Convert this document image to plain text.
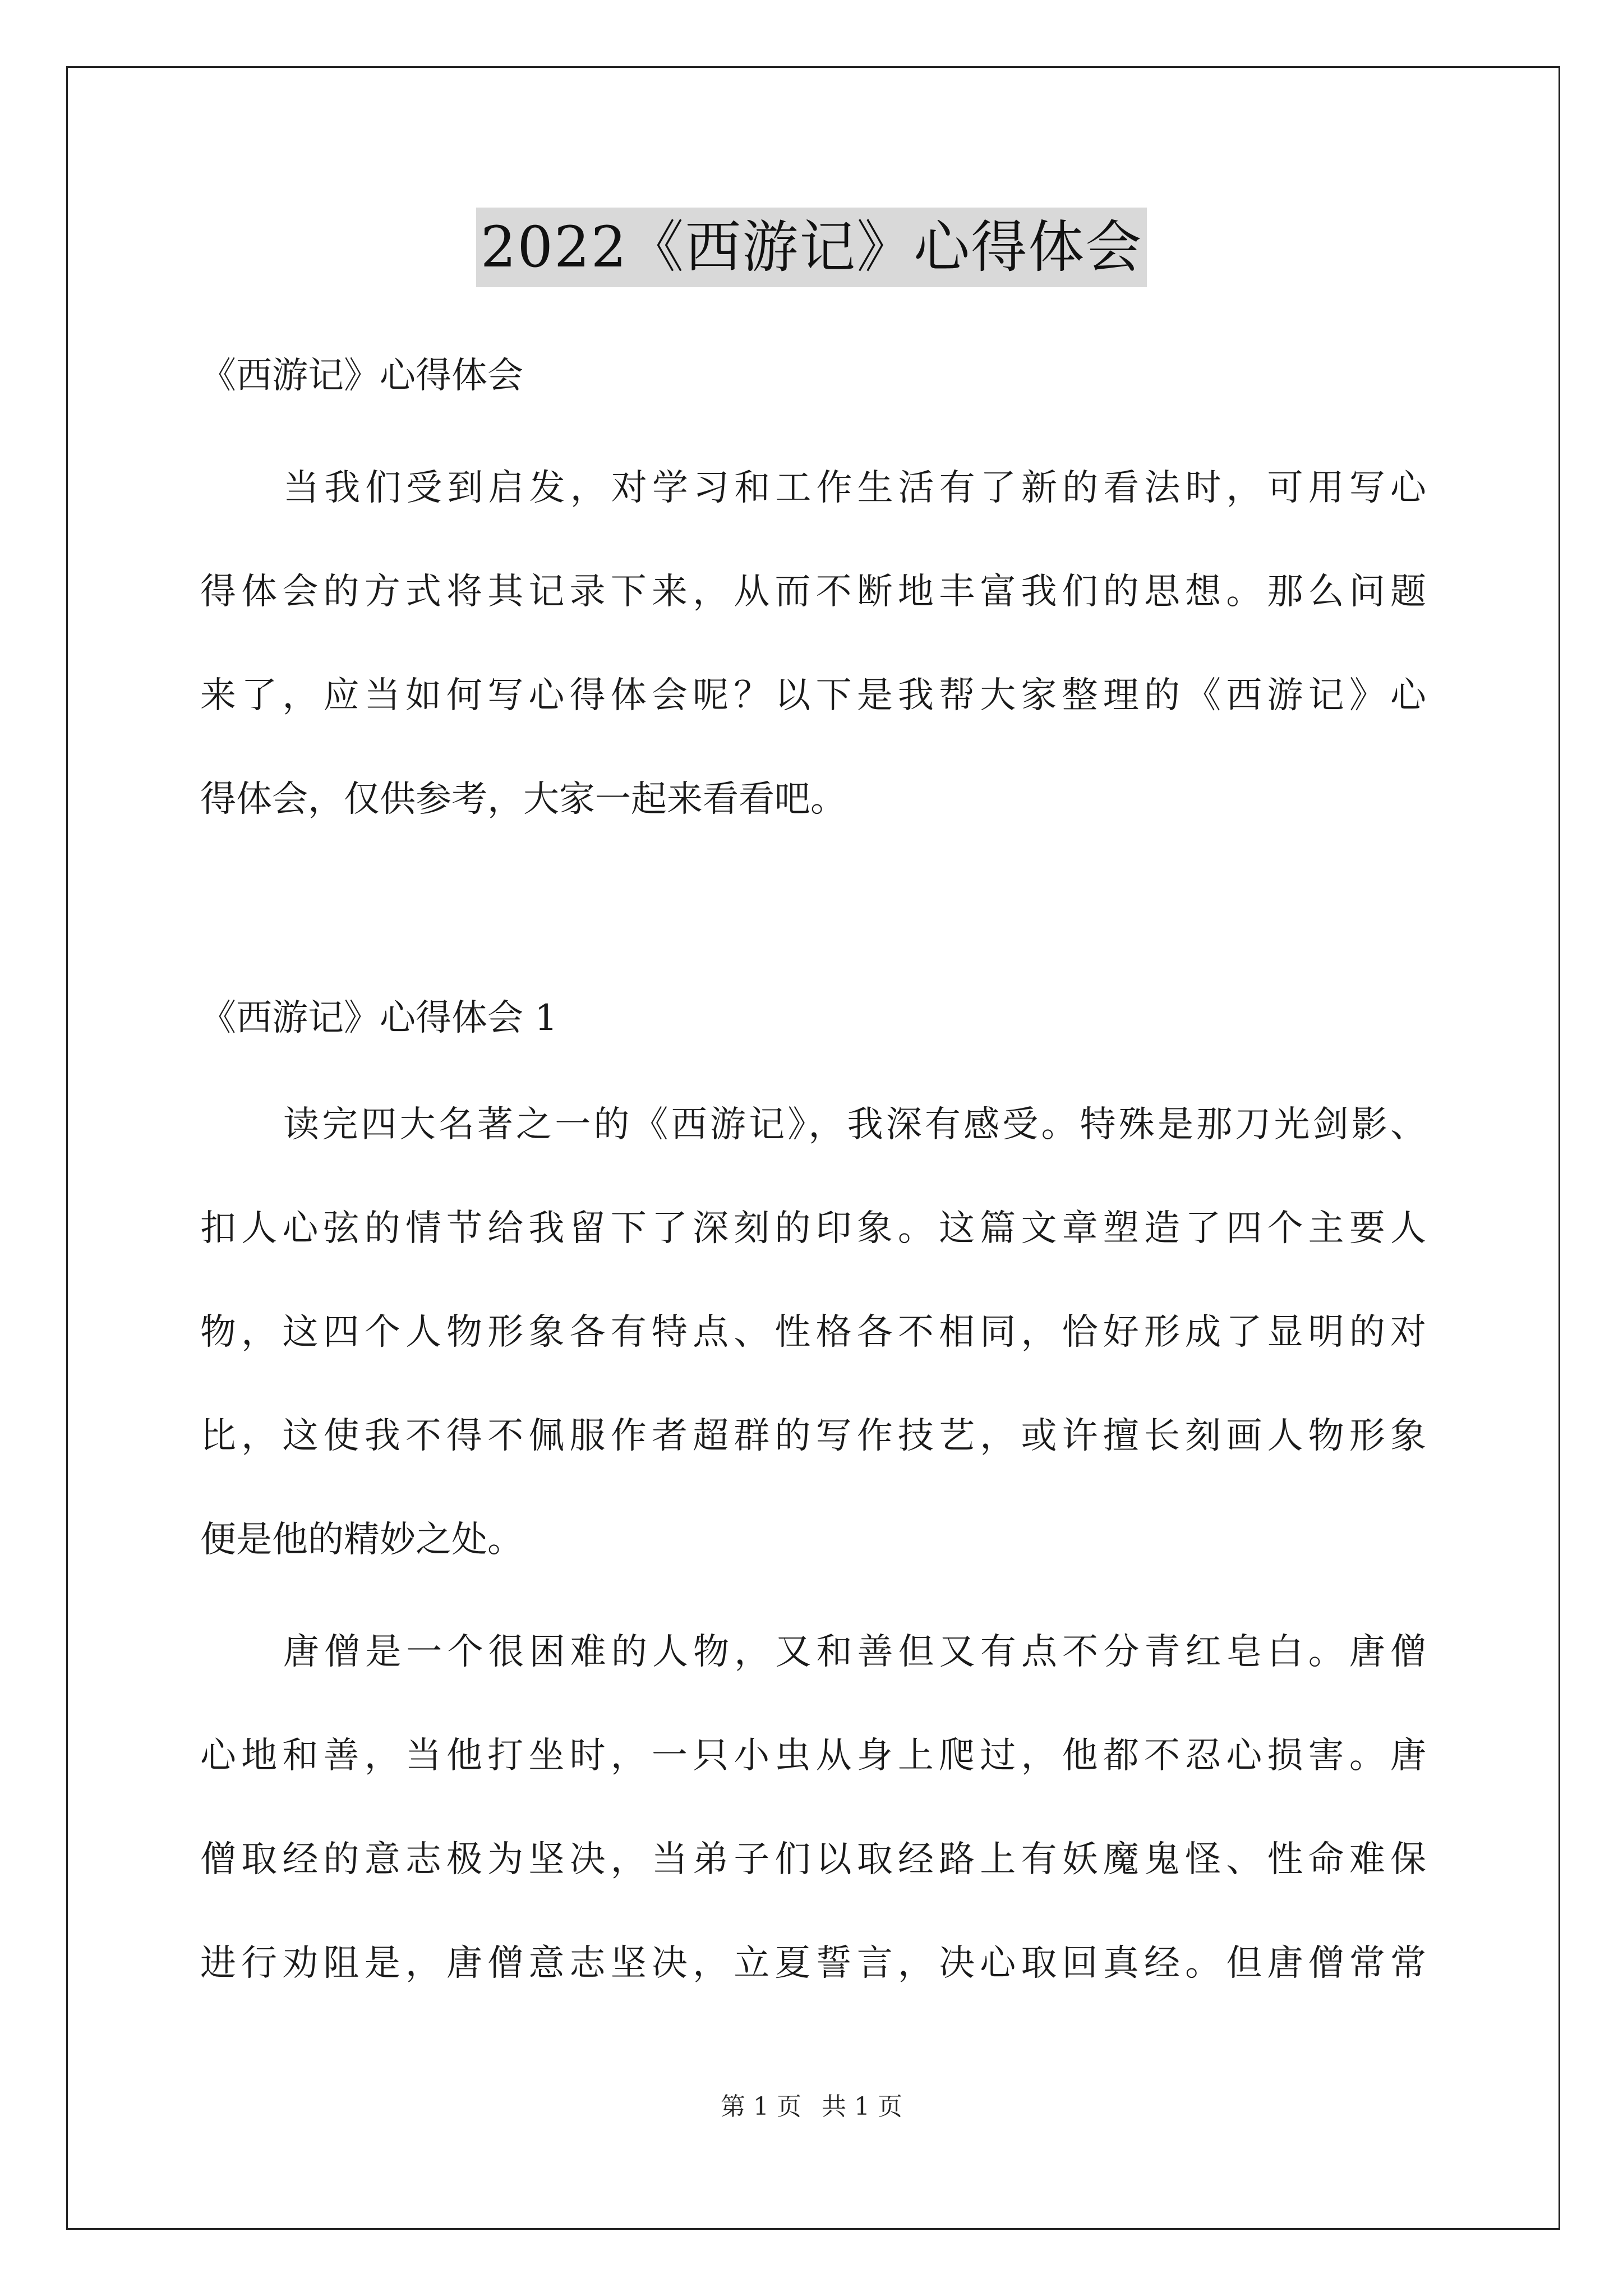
2022《西游记》心得体会
《西游记》心得体会
当我们受到启发，对学习和工作生活有了新的看法时，可用写心
得体会的方式将其记录下来，从而不断地丰富我们的思想。那么问题
来了，应当如何写心得体会呢？以下是我帮大家整理的《西游记》心
得体会，仅供参考，大家一起来看看吧。
《西游记》心得体会 1
读完四大名著之一的《西游记》，我深有感受。特殊是那刀光剑影、
扣人心弦的情节给我留下了深刻的印象。这篇文章塑造了四个主要人
物，这四个人物形象各有特点、性格各不相同，恰好形成了显明的对
比，这使我不得不佩服作者超群的写作技艺，或许擅长刻画人物形象
便是他的精妙之处。
唐僧是一个很困难的人物，又和善但又有点不分青红皂白。唐僧
心地和善，当他打坐时，一只小虫从身上爬过，他都不忍心损害。唐
僧取经的意志极为坚决，当弟子们以取经路上有妖魔鬼怪、性命难保
进行劝阻是，唐僧意志坚决，立夏誓言，决心取回真经。但唐僧常常
第 1 页 共 1 页
